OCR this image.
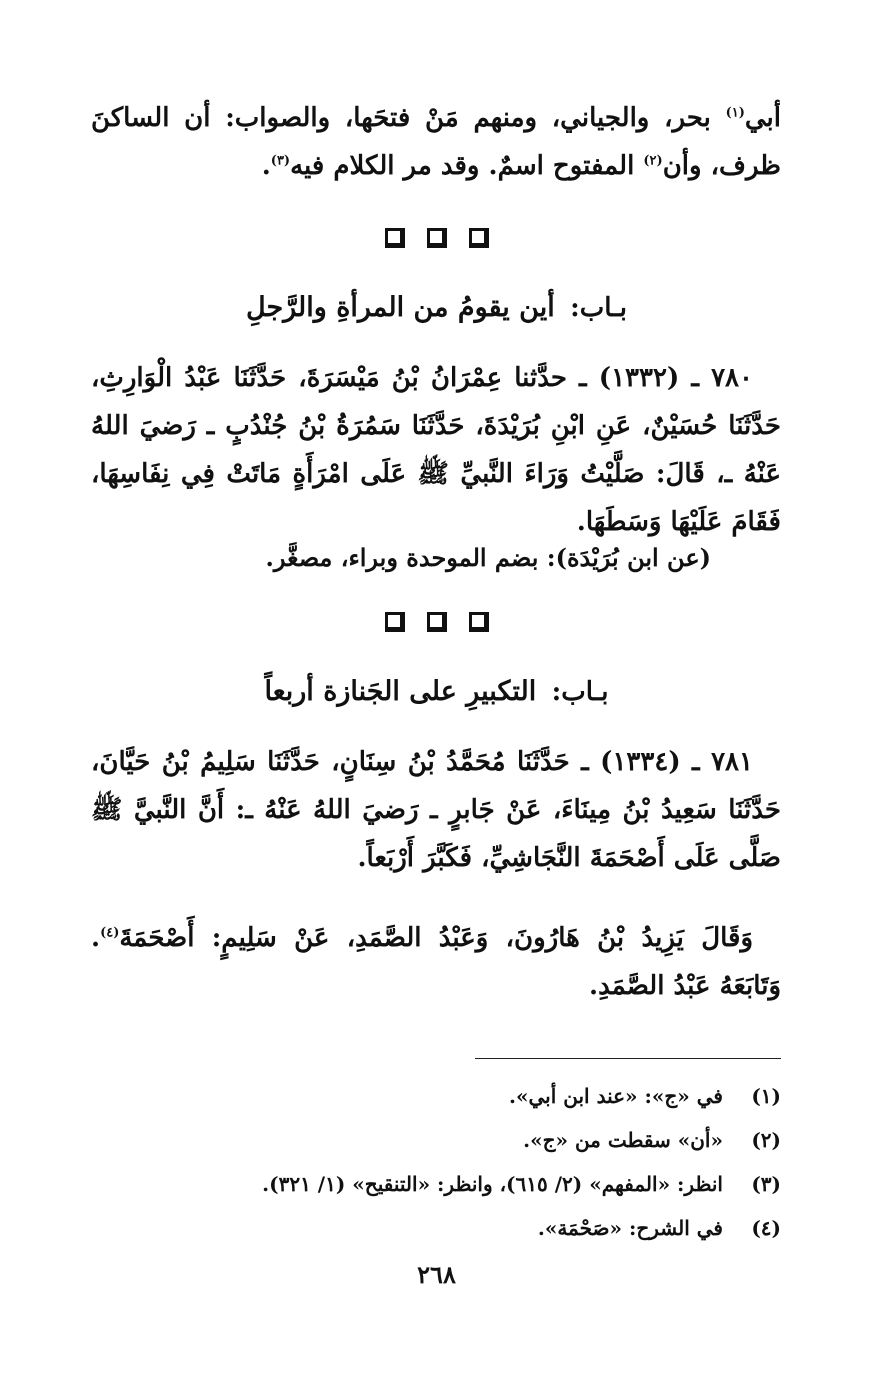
أبي$^{(١)}$ بحر، والجياني، ومنهم مَنْ فتحَها، والصواب: أن الساكنَ ظرف، وأن$^{(٢)}$ المفتوح اسمٌ. وقد مر الكلام فيه$^{(٣)}$.

بـاب: أين يقومُ من المرأةِ والرَّجلِ

٧٨٠ ـ (١٣٣٢) ـ حدَّثنا عِمْرَانُ بْنُ مَيْسَرَةَ، حَدَّثَنَا عَبْدُ الْوَارِثِ، حَدَّثَنَا حُسَيْنٌ، عَنِ ابْنِ بُرَيْدَةَ، حَدَّثَنَا سَمُرَةُ بْنُ جُنْدُبٍ ـ رَضيَ اللهُ عَنْهُ ـ، قَالَ: صَلَّيْتُ وَرَاءَ النَّبيِّ ﷺ عَلَى امْرَأَةٍ مَاتَتْ فِي نِفَاسِهَا، فَقَامَ عَلَيْهَا وَسَطَهَا.

(عن ابن بُرَيْدَة): بضم الموحدة وبراء، مصغَّر.

بـاب: التكبيرِ على الجَنازة أربعاً

٧٨١ ـ (١٣٣٤) ـ حَدَّثَنَا مُحَمَّدُ بْنُ سِنَانٍ، حَدَّثَنَا سَلِيمُ بْنُ حَيَّانَ، حَدَّثَنَا سَعِيدُ بْنُ مِينَاءَ، عَنْ جَابرٍ ـ رَضيَ اللهُ عَنْهُ ـ: أَنَّ النَّبيَّ ﷺ صَلَّى عَلَى أَصْحَمَةَ النَّجَاشِيِّ، فَكَبَّرَ أَرْبَعاً.

وَقَالَ يَزِيدُ بْنُ هَارُونَ، وَعَبْدُ الصَّمَدِ، عَنْ سَلِيمٍ: أَصْحَمَةَ$^{(٤)}$. وَتَابَعَهُ عَبْدُ الصَّمَدِ.

(١)
في «ج»: «عند ابن أبي».
(٢)
«أن» سقطت من «ج».
(٣)
انظر: «المفهم» (٢/ ٦١٥)، وانظر: «التنقيح» (١/ ٣٢١).
(٤)
في الشرح: «صَحْمَة».
٢٦٨
